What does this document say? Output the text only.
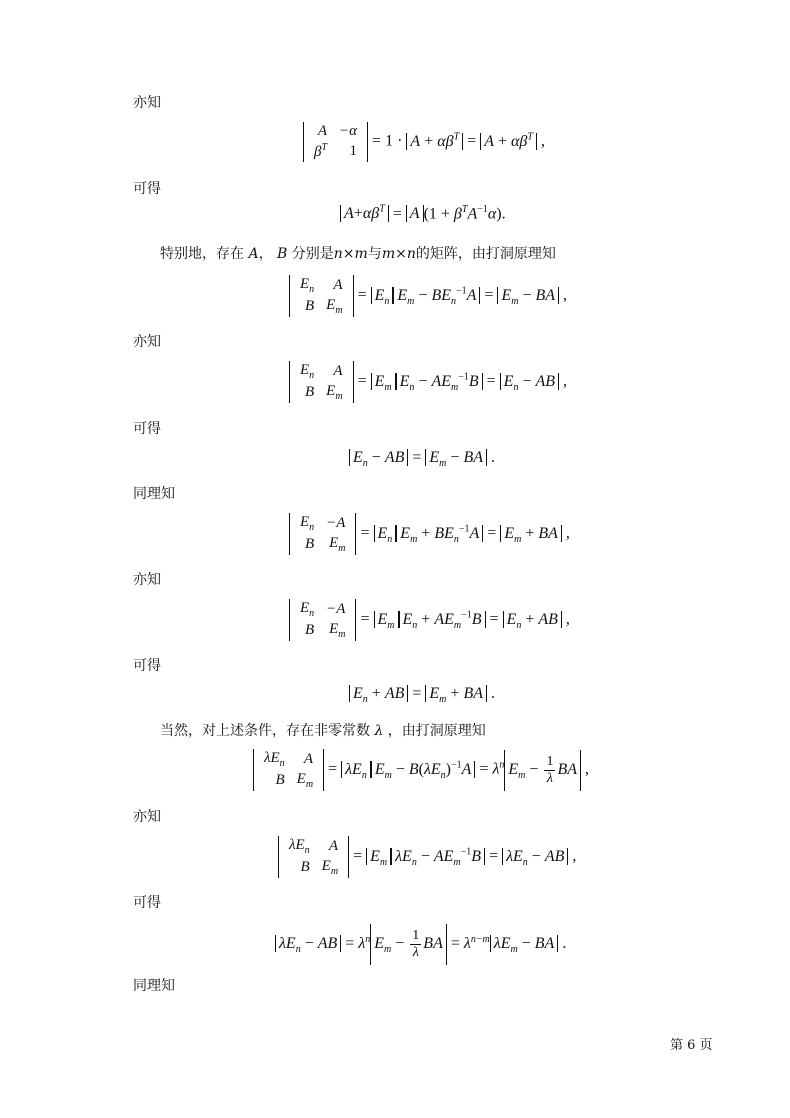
亦知
A	−α
$\beta^T$	1
= $1 \cdot A + \alpha\beta^T = A + \alpha\beta^T$ ,
可得
$A+\alpha\beta^T = A$ $(1 + \beta^TA^{-1}\alpha)$.
特别地，存在 A， B 分别是n×m与m×n的矩阵，由打洞原理知
$E_n$	A
B	$E_m$
= $E_n$ $E_m - BE_n^{-1}A = E_m$ − BA ,
亦知
$E_n$	A
B	$E_m$
= $E_m$ $E_n - AE_m^{-1}B = E_n$ − AB ,
可得
$E_n$ − AB = $E_m$ − BA .
同理知
$E_n$	−A
B	$E_m$
= $E_n$ $E_m + BE_n^{-1}A = E_m$ + BA ,
亦知
$E_n$	−A
B	$E_m$
= $E_m$ $E_n + AE_m^{-1}B = E_n$ + AB ,
可得
$E_n$ + AB = $E_m$ + BA .
当然，对上述条件，存在非零常数 λ ，由打洞原理知
$\lambda E_n$	A
B	$E_m$
= $\lambda E_n$ $E_m - B(\lambda E_n)^{-1}A = \lambda^n$ $E_m - \frac{1}{\lambda}$ BA ,
亦知
$\lambda E_n$	A
B	$E_m$
= $E_m$ $\lambda E_n - AE_m^{-1}B = \lambda E_n$ − AB ,
可得
$\lambda E_n$ − AB = $\lambda^n$ $E_m - \frac{1}{\lambda}$ BA = $\lambda^{n-m}$ $\lambda E_m$ − BA .
同理知
第 6 页
